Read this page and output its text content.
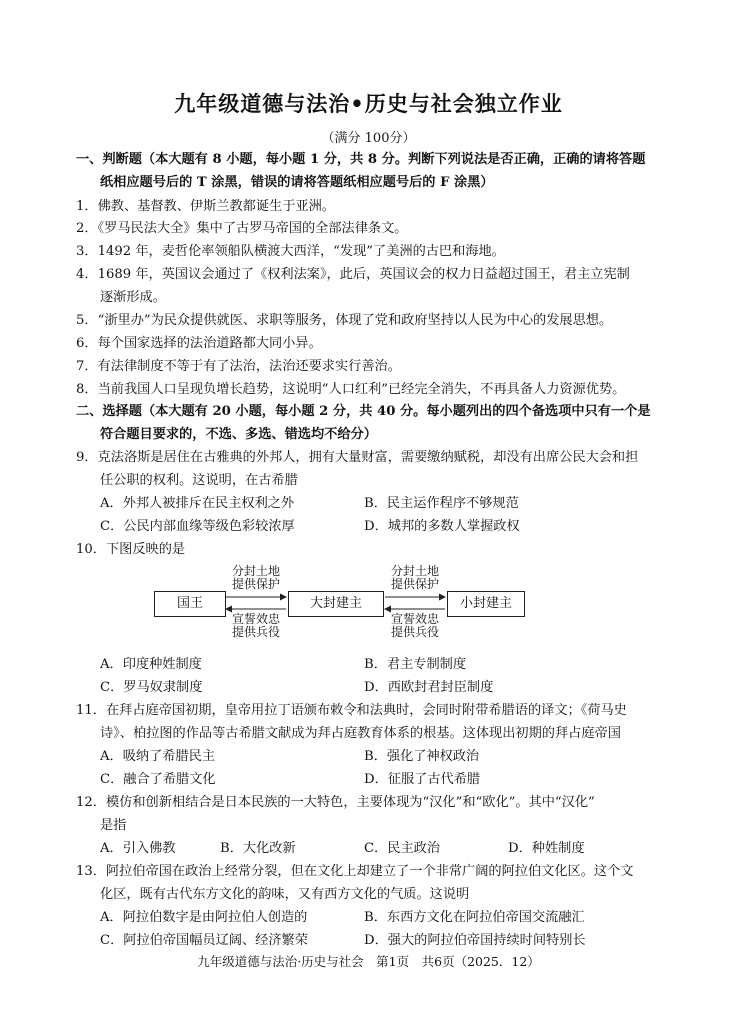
九年级道德与法治•历史与社会独立作业
（满分 100分）
一、判断题（本大题有 8 小题，每小题 1 分，共 8 分。判断下列说法是否正确，正确的请将答题
纸相应题号后的 T 涂黑，错误的请将答题纸相应题号后的 F 涂黑）
1．佛教、基督教、伊斯兰教都诞生于亚洲。
2．《罗马民法大全》集中了古罗马帝国的全部法律条文。
3．1492 年，麦哲伦率领船队横渡大西洋，“发现”了美洲的古巴和海地。
4．1689 年，英国议会通过了《权利法案》，此后，英国议会的权力日益超过国王，君主立宪制
逐渐形成。
5．“浙里办”为民众提供就医、求职等服务，体现了党和政府坚持以人民为中心的发展思想。
6．每个国家选择的法治道路都大同小异。
7．有法律制度不等于有了法治，法治还要求实行善治。
8．当前我国人口呈现负增长趋势，这说明“人口红利”已经完全消失，不再具备人力资源优势。
二、选择题（本大题有 20 小题，每小题 2 分，共 40 分。每小题列出的四个备选项中只有一个是
符合题目要求的，不选、多选、错选均不给分）
9．克法洛斯是居住在古雅典的外邦人，拥有大量财富，需要缴纳赋税，却没有出席公民大会和担
任公职的权利。这说明，在古希腊
A．外邦人被排斥在民主权利之外	B．民主运作程序不够规范
C．公民内部血缘等级色彩较浓厚	D．城邦的多数人掌握政权
10．下图反映的是
国王	大封建主	小封建主
分封土地
提供保护
宣誓效忠
提供兵役
分封土地
提供保护
宣誓效忠
提供兵役
A．印度种姓制度	B．君主专制制度
C．罗马奴隶制度	D．西欧封君封臣制度
11．在拜占庭帝国初期，皇帝用拉丁语颁布敕令和法典时，会同时附带希腊语的译文；《荷马史
诗》、柏拉图的作品等古希腊文献成为拜占庭教育体系的根基。这体现出初期的拜占庭帝国
A．吸纳了希腊民主	B．强化了神权政治
C．融合了希腊文化	D．征服了古代希腊
12．模仿和创新相结合是日本民族的一大特色，主要体现为“汉化”和“欧化”。其中“汉化”
是指
A．引入佛教	B．大化改新	C．民主政治	D．种姓制度
13．阿拉伯帝国在政治上经常分裂，但在文化上却建立了一个非常广阔的阿拉伯文化区。这个文
化区，既有古代东方文化的韵味，又有西方文化的气质。这说明
A．阿拉伯数字是由阿拉伯人创造的	B．东西方文化在阿拉伯帝国交流融汇
C．阿拉伯帝国幅员辽阔、经济繁荣	D．强大的阿拉伯帝国持续时间特别长
九年级道德与法治·历史与社会　第1页　共6页（2025．12）
